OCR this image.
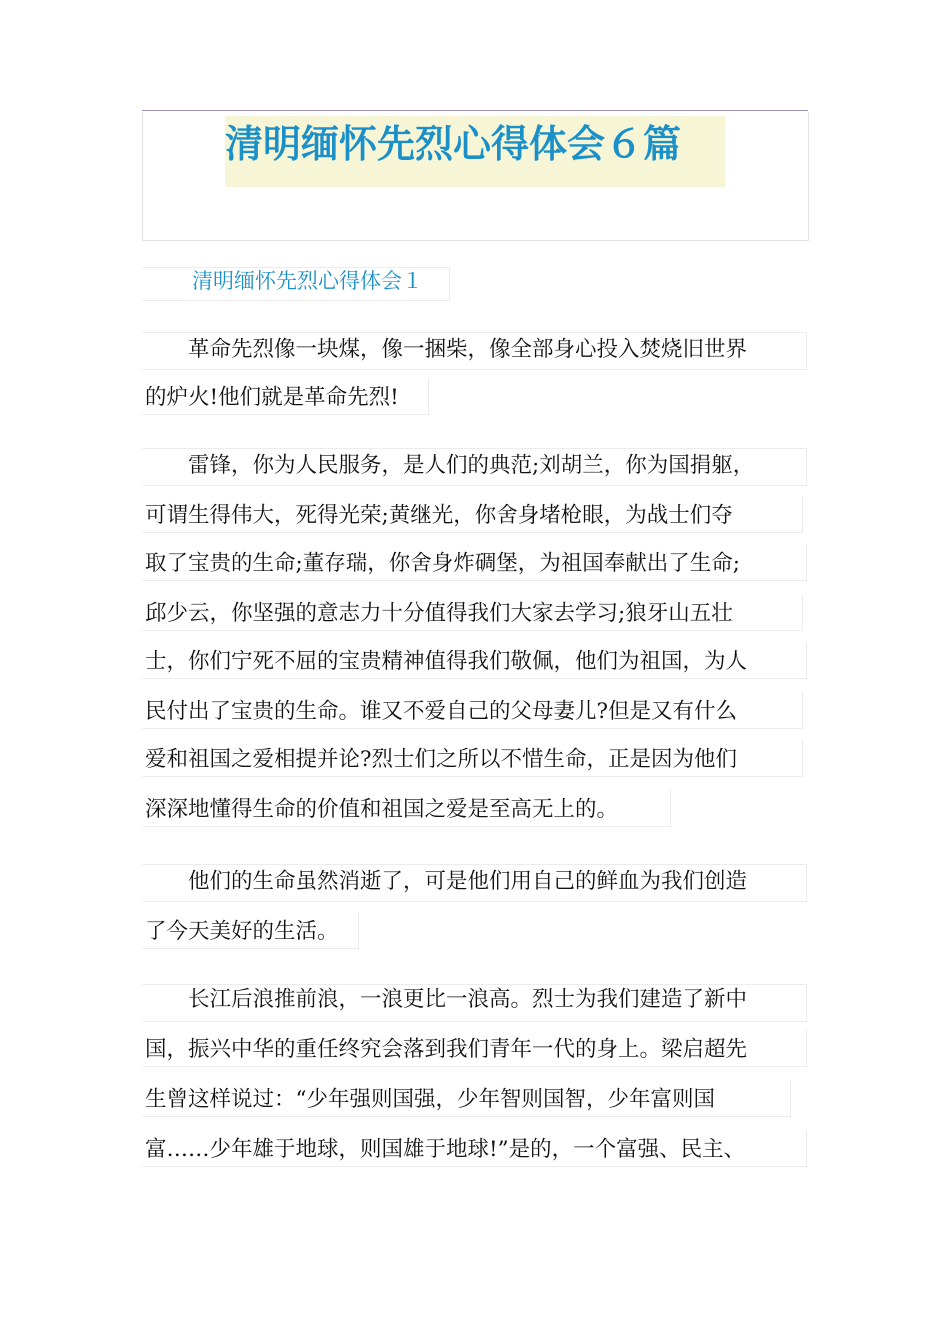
清明缅怀先烈心得体会６篇
清明缅怀先烈心得体会１
　　革命先烈像一块煤，像一捆柴，像全部身心投入焚烧旧世界
的炉火!他们就是革命先烈!
　　雷锋，你为人民服务，是人们的典范;刘胡兰，你为国捐躯，
可谓生得伟大，死得光荣;黄继光，你舍身堵枪眼，为战士们夺
取了宝贵的生命;董存瑞，你舍身炸碉堡，为祖国奉献出了生命;
邱少云，你坚强的意志力十分值得我们大家去学习;狼牙山五壮
士，你们宁死不屈的宝贵精神值得我们敬佩，他们为祖国，为人
民付出了宝贵的生命。谁又不爱自己的父母妻儿?但是又有什么
爱和祖国之爱相提并论?烈士们之所以不惜生命，正是因为他们
深深地懂得生命的价值和祖国之爱是至高无上的。
　　他们的生命虽然消逝了，可是他们用自己的鲜血为我们创造
了今天美好的生活。
　　长江后浪推前浪，一浪更比一浪高。烈士为我们建造了新中
国，振兴中华的重任终究会落到我们青年一代的身上。梁启超先
生曾这样说过：“少年强则国强，少年智则国智，少年富则国
富……少年雄于地球，则国雄于地球!”是的，一个富强、民主、
